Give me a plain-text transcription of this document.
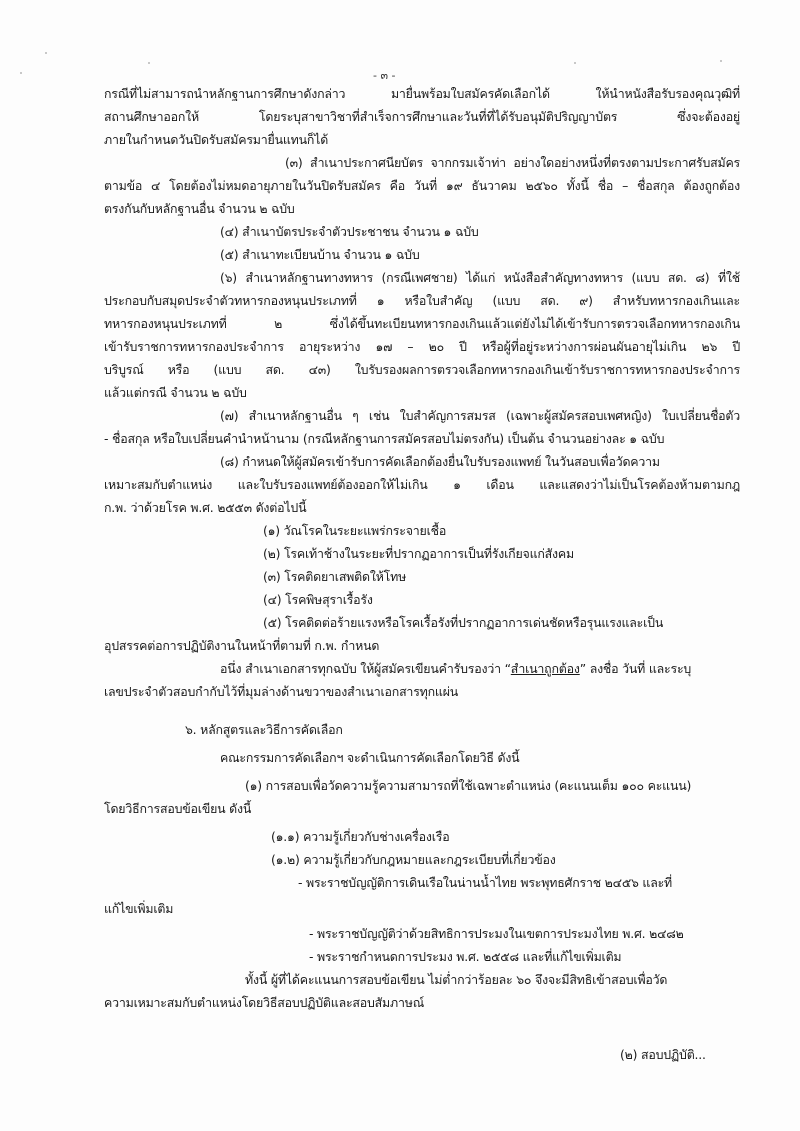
- ๓ -
กรณีที่ไม่สามารถนำหลักฐานการศึกษาดังกล่าว มายื่นพร้อมใบสมัครคัดเลือกได้ ให้นำหนังสือรับรองคุณวุฒิที่
สถานศึกษาออกให้ โดยระบุสาขาวิชาที่สำเร็จการศึกษาและวันที่ที่ได้รับอนุมัติปริญญาบัตร ซึ่งจะต้องอยู่
ภายในกำหนดวันปิดรับสมัครมายื่นแทนก็ได้
(๓) สำเนาประกาศนียบัตร จากกรมเจ้าท่า อย่างใดอย่างหนึ่งที่ตรงตามประกาศรับสมัคร
ตามข้อ ๔ โดยต้องไม่หมดอายุภายในวันปิดรับสมัคร คือ วันที่ ๑๙ ธันวาคม ๒๕๖๐ ทั้งนี้ ชื่อ – ชื่อสกุล ต้องถูกต้อง
ตรงกันกับหลักฐานอื่น จำนวน ๒ ฉบับ
(๔) สำเนาบัตรประจำตัวประชาชน จำนวน ๑ ฉบับ
(๕) สำเนาทะเบียนบ้าน จำนวน ๑ ฉบับ
(๖) สำเนาหลักฐานทางทหาร (กรณีเพศชาย) ได้แก่ หนังสือสำคัญทางทหาร (แบบ สด. ๘) ที่ใช้
ประกอบกับสมุดประจำตัวทหารกองหนุนประเภทที่ ๑ หรือใบสำคัญ (แบบ สด. ๙) สำหรับทหารกองเกินและ
ทหารกองหนุนประเภทที่ ๒ ซึ่งได้ขึ้นทะเบียนทหารกองเกินแล้วแต่ยังไม่ได้เข้ารับการตรวจเลือกทหารกองเกิน
เข้ารับราชการทหารกองประจำการ อายุระหว่าง ๑๗ – ๒๐ ปี หรือผู้ที่อยู่ระหว่างการผ่อนผันอายุไม่เกิน ๒๖ ปี
บริบูรณ์ หรือ (แบบ สด. ๔๓) ใบรับรองผลการตรวจเลือกทหารกองเกินเข้ารับราชการทหารกองประจำการ
แล้วแต่กรณี จำนวน ๒ ฉบับ
(๗) สำเนาหลักฐานอื่น ๆ เช่น ใบสำคัญการสมรส (เฉพาะผู้สมัครสอบเพศหญิง) ใบเปลี่ยนชื่อตัว
- ชื่อสกุล หรือใบเปลี่ยนคำนำหน้านาม (กรณีหลักฐานการสมัครสอบไม่ตรงกัน) เป็นต้น จำนวนอย่างละ ๑ ฉบับ
(๘) กำหนดให้ผู้สมัครเข้ารับการคัดเลือกต้องยื่นใบรับรองแพทย์ ในวันสอบเพื่อวัดความ
เหมาะสมกับตำแหน่ง และใบรับรองแพทย์ต้องออกให้ไม่เกิน ๑ เดือน และแสดงว่าไม่เป็นโรคต้องห้ามตามกฎ
ก.พ. ว่าด้วยโรค พ.ศ. ๒๕๕๓ ดังต่อไปนี้
(๑) วัณโรคในระยะแพร่กระจายเชื้อ
(๒) โรคเท้าช้างในระยะที่ปรากฏอาการเป็นที่รังเกียจแก่สังคม
(๓) โรคติดยาเสพติดให้โทษ
(๔) โรคพิษสุราเรื้อรัง
(๕) โรคติดต่อร้ายแรงหรือโรคเรื้อรังที่ปรากฏอาการเด่นชัดหรือรุนแรงและเป็น
อุปสรรคต่อการปฏิบัติงานในหน้าที่ตามที่ ก.พ. กำหนด
อนึ่ง สำเนาเอกสารทุกฉบับ ให้ผู้สมัครเขียนคำรับรองว่า “สำเนาถูกต้อง” ลงชื่อ วันที่ และระบุ
เลขประจำตัวสอบกำกับไว้ที่มุมล่างด้านขวาของสำเนาเอกสารทุกแผ่น
๖. หลักสูตรและวิธีการคัดเลือก
คณะกรรมการคัดเลือกฯ จะดำเนินการคัดเลือกโดยวิธี ดังนี้
(๑) การสอบเพื่อวัดความรู้ความสามารถที่ใช้เฉพาะตำแหน่ง (คะแนนเต็ม ๑๐๐ คะแนน)
โดยวิธีการสอบข้อเขียน ดังนี้
(๑.๑) ความรู้เกี่ยวกับช่างเครื่องเรือ
(๑.๒) ความรู้เกี่ยวกับกฎหมายและกฎระเบียบที่เกี่ยวข้อง
- พระราชบัญญัติการเดินเรือในน่านน้ำไทย พระพุทธศักราช ๒๔๕๖ และที่
แก้ไขเพิ่มเติม
- พระราชบัญญัติว่าด้วยสิทธิการประมงในเขตการประมงไทย พ.ศ. ๒๔๘๒
- พระราชกำหนดการประมง พ.ศ. ๒๕๕๘ และที่แก้ไขเพิ่มเติม
ทั้งนี้ ผู้ที่ได้คะแนนการสอบข้อเขียน ไม่ต่ำกว่าร้อยละ ๖๐ จึงจะมีสิทธิเข้าสอบเพื่อวัด
ความเหมาะสมกับตำแหน่งโดยวิธีสอบปฏิบัติและสอบสัมภาษณ์
(๒) สอบปฏิบัติ...
